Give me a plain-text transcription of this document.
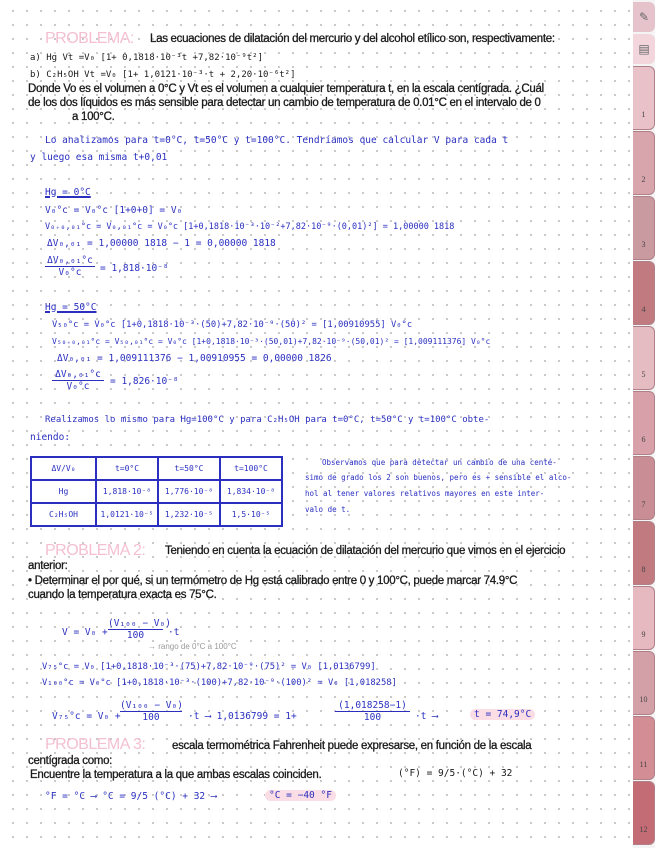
PROBLEMA: Las ecuaciones de dilatación del mercurio y del alcohol etílico son, respectivamente:
a) Hg Vt =V₀ [1+ 0,1818·10⁻³t +7,82·10⁻⁹t²]
b) C₂H₅OH Vt =V₀ [1+ 1,0121·10⁻³·t + 2,20·10⁻⁶t²]
Donde Vo es el volumen a 0°C y Vt es el volumen a cualquier temperatura t, en la escala centígrada. ¿Cuál
de los dos líquidos es más sensible para detectar un cambio de temperatura de 0.01°C en el intervalo de 0
a 100°C.
Lo analizamos para t=0°C, t=50°C y t=100°C. Tendríamos que calcular V para cada t
y luego esa misma t+0,01
Hg = 0°C
V₀°c = V₀°c [1+0+0] = V₀
V₀₊₀,₀₁°c = V₀,₀₁°c = V₀°c [1+0,1818·10⁻³·10⁻²+7,82·10⁻⁹·(0,01)²] = 1,00000 1818
ΔV₀,₀₁ = 1,00000 1818 − 1 = 0,00000 1818
$\frac{\text{ΔV₀,₀₁°c}}{\text{V₀°c}} = 1,818\cdot 10^{-8}$
Hg = 50°C
V₅₀°c = V₀°c [1+0,1818·10⁻³·(50)+7,82·10⁻⁹·(50)² = [1,00910955] V₀°c
V₅₀₊₀,₀₁°c = V₅₀,₀₁°c = V₀°c [1+0,1818·10⁻³·(50,01)+7,82·10⁻⁹·(50,01)² = [1,009111376] V₀°c
ΔV₀,₀₁ = 1,009111376 − 1,00910955 = 0,00000 1826
$\frac{\text{ΔV₀,₀₁°c}}{\text{V₀°c}} = 1,826\cdot 10^{-8}$
Realizamos lo mismo para Hg=100°C y para C₂H₅OH para t=0°C, t=50°C y t=100°C obte-
niendo:
ΔV/V₀	t=0°C	t=50°C	t=100°C
Hg	1,818·10⁻⁸	1,776·10⁻⁸	1,834·10⁻⁸
C₂H₅OH	1,0121·10⁻⁵	1,232·10⁻⁵	1,5·10⁻⁵
Observamos que para detectar un cambio de una centé-
simo de grado los 2 son buenos, pero es + sensible el alco-
hol al tener valores relativos mayores en este inter-
valo de t.
PROBLEMA 2: Teniendo en cuenta la ecuación de dilatación del mercurio que vimos en el ejercicio
anterior:
• Determinar el por qué, si un termómetro de Hg está calibrado entre 0 y 100°C, puede marcar 74.9°C
cuando la temperatura exacta es 75°C.
$V = V_0 + \frac{\text{(V₁₀₀ − V₀)}}{100} \cdot t$
→ rango de 0°C a 100°C
V₇₅°c = V₀ [1+0,1818·10⁻³·(75)+7,82·10⁻⁹·(75)² = V₀ [1,0136799]
V₁₀₀°c = V₀°c [1+0,1818·10⁻³·(100)+7,82·10⁻⁹·(100)² = V₀ [1,018258]
$V_{75}^\circ c = V_0 + \frac{\text{(V₁₀₀ − V₀)}}{100} \cdot t$ ⟶ 1,0136799 = 1+	$\frac{(1,018258-1)}{100} \cdot t$ ⟶	t = 74,9°C
PROBLEMA 3: escala termométrica Fahrenheit puede expresarse, en función de la escala
centígrada como:
Encuentre la temperatura a la que ambas escalas coinciden.	(°F) = 9/5·(°C) + 32
°F = °C ⟶ °C = 9/5 (°C) + 32 ⟶	°C = −40 °F
✎
▤
1
2
3
4
5
6
7
8
9
10
11
12
